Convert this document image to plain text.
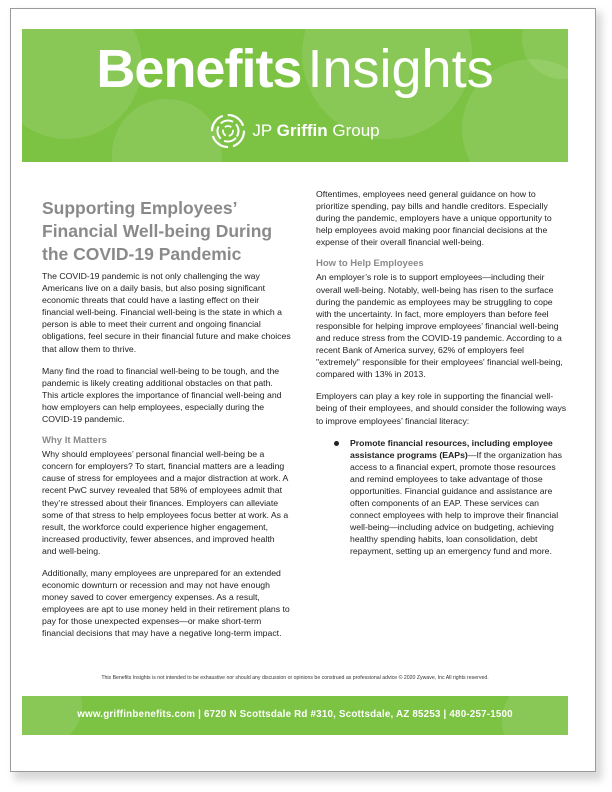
Benefits Insights
JP Griffin Group
Supporting Employees’ Financial Well-being During the COVID-19 Pandemic

The COVID-19 pandemic is not only challenging the way Americans live on a daily basis, but also posing significant economic threats that could have a lasting effect on their financial well-being. Financial well-being is the state in which a person is able to meet their current and ongoing financial obligations, feel secure in their financial future and make choices that allow them to thrive.

Many find the road to financial well-being to be tough, and the pandemic is likely creating additional obstacles on that path. This article explores the importance of financial well-being and how employers can help employees, especially during the COVID-19 pandemic.

Why It Matters

Why should employees’ personal financial well-being be a concern for employers? To start, financial matters are a leading cause of stress for employees and a major distraction at work. A recent PwC survey revealed that 58% of employees admit that they’re stressed about their finances. Employers can alleviate some of that stress to help employees focus better at work. As a result, the workforce could experience higher engagement, increased productivity, fewer absences, and improved health and well-being.

Additionally, many employees are unprepared for an extended economic downturn or recession and may not have enough money saved to cover emergency expenses. As a result, employees are apt to use money held in their retirement plans to pay for those unexpected expenses—or make short-term financial decisions that may have a negative long-term impact.

Oftentimes, employees need general guidance on how to prioritize spending, pay bills and handle creditors. Especially during the pandemic, employers have a unique opportunity to help employees avoid making poor financial decisions at the expense of their overall financial well-being.

How to Help Employees

An employer’s role is to support employees—including their overall well-being. Notably, well-being has risen to the surface during the pandemic as employees may be struggling to cope with the uncertainty. In fact, more employers than before feel responsible for helping improve employees’ financial well-being and reduce stress from the COVID-19 pandemic. According to a recent Bank of America survey, 62% of employers feel "extremely" responsible for their employees' financial well-being, compared with 13% in 2013.

Employers can play a key role in supporting the financial well-being of their employees, and should consider the following ways to improve employees’ financial literacy:

Promote financial resources, including employee assistance programs (EAPs)—If the organization has access to a financial expert, promote those resources and remind employees to take advantage of those opportunities. Financial guidance and assistance are often components of an EAP. These services can connect employees with help to improve their financial well-being—including advice on budgeting, achieving healthy spending habits, loan consolidation, debt repayment, setting up an emergency fund and more.
This Benefits Insights is not intended to be exhaustive nor should any discussion or opinions be construed as professional advice © 2020 Zywave, Inc All rights reserved.
www.griffinbenefits.com | 6720 N Scottsdale Rd #310, Scottsdale, AZ 85253 | 480-257-1500
